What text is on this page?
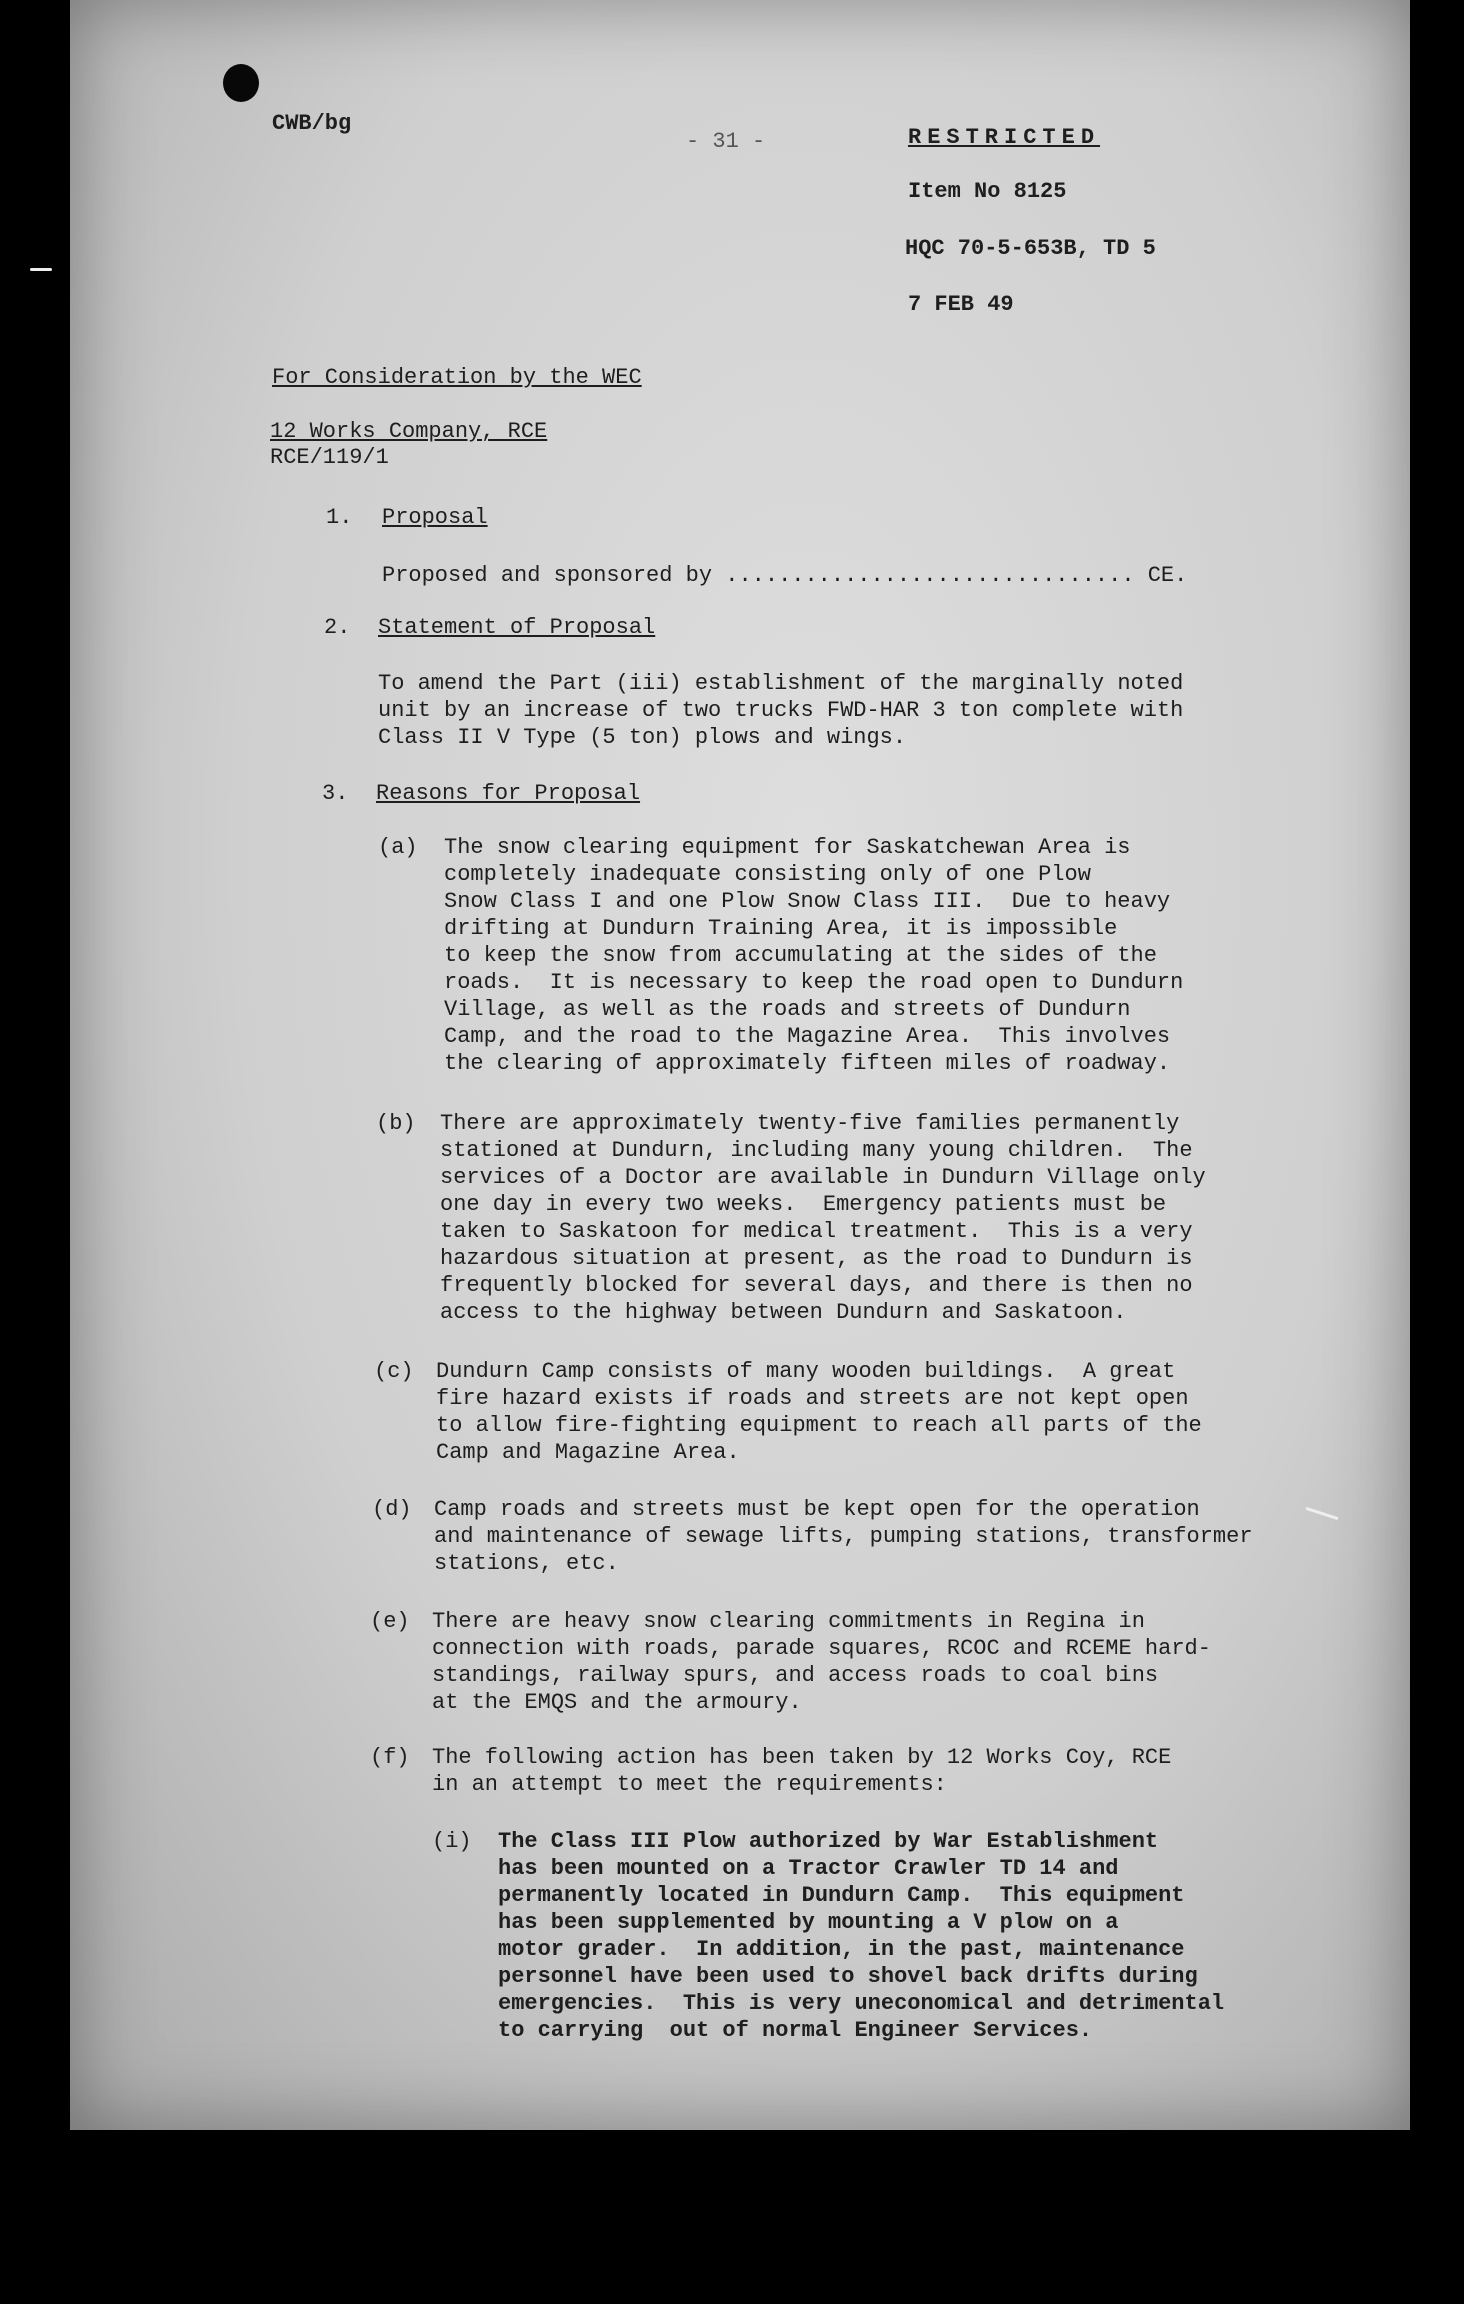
CWB/bg
- 31 -	RESTRICTED
Item No 8125
HQC 70-5-653B, TD 5
7 FEB 49
For Consideration by the WEC
12 Works Company, RCE
RCE/119/1
1. Proposal
Proposed and sponsored by ............................... CE.
2. Statement of Proposal
To amend the Part (iii) establishment of the marginally noted
unit by an increase of two trucks FWD-HAR 3 ton complete with
Class II V Type (5 ton) plows and wings.
3. Reasons for Proposal
(a) The snow clearing equipment for Saskatchewan Area is
completely inadequate consisting only of one Plow
Snow Class I and one Plow Snow Class III.  Due to heavy
drifting at Dundurn Training Area, it is impossible
to keep the snow from accumulating at the sides of the
roads.  It is necessary to keep the road open to Dundurn
Village, as well as the roads and streets of Dundurn
Camp, and the road to the Magazine Area.  This involves
the clearing of approximately fifteen miles of roadway.
(b) There are approximately twenty-five families permanently
stationed at Dundurn, including many young children.  The
services of a Doctor are available in Dundurn Village only
one day in every two weeks.  Emergency patients must be
taken to Saskatoon for medical treatment.  This is a very
hazardous situation at present, as the road to Dundurn is
frequently blocked for several days, and there is then no
access to the highway between Dundurn and Saskatoon.
(c) Dundurn Camp consists of many wooden buildings.  A great
fire hazard exists if roads and streets are not kept open
to allow fire-fighting equipment to reach all parts of the
Camp and Magazine Area.
(d) Camp roads and streets must be kept open for the operation
and maintenance of sewage lifts, pumping stations, transformer
stations, etc.
(e) There are heavy snow clearing commitments in Regina in
connection with roads, parade squares, RCOC and RCEME hard-
standings, railway spurs, and access roads to coal bins
at the EMQS and the armoury.
(f) The following action has been taken by 12 Works Coy, RCE
in an attempt to meet the requirements:
(i) The Class III Plow authorized by War Establishment
has been mounted on a Tractor Crawler TD 14 and
permanently located in Dundurn Camp.  This equipment
has been supplemented by mounting a V plow on a
motor grader.  In addition, in the past, maintenance
personnel have been used to shovel back drifts during
emergencies.  This is very uneconomical and detrimental
to carrying  out of normal Engineer Services.
